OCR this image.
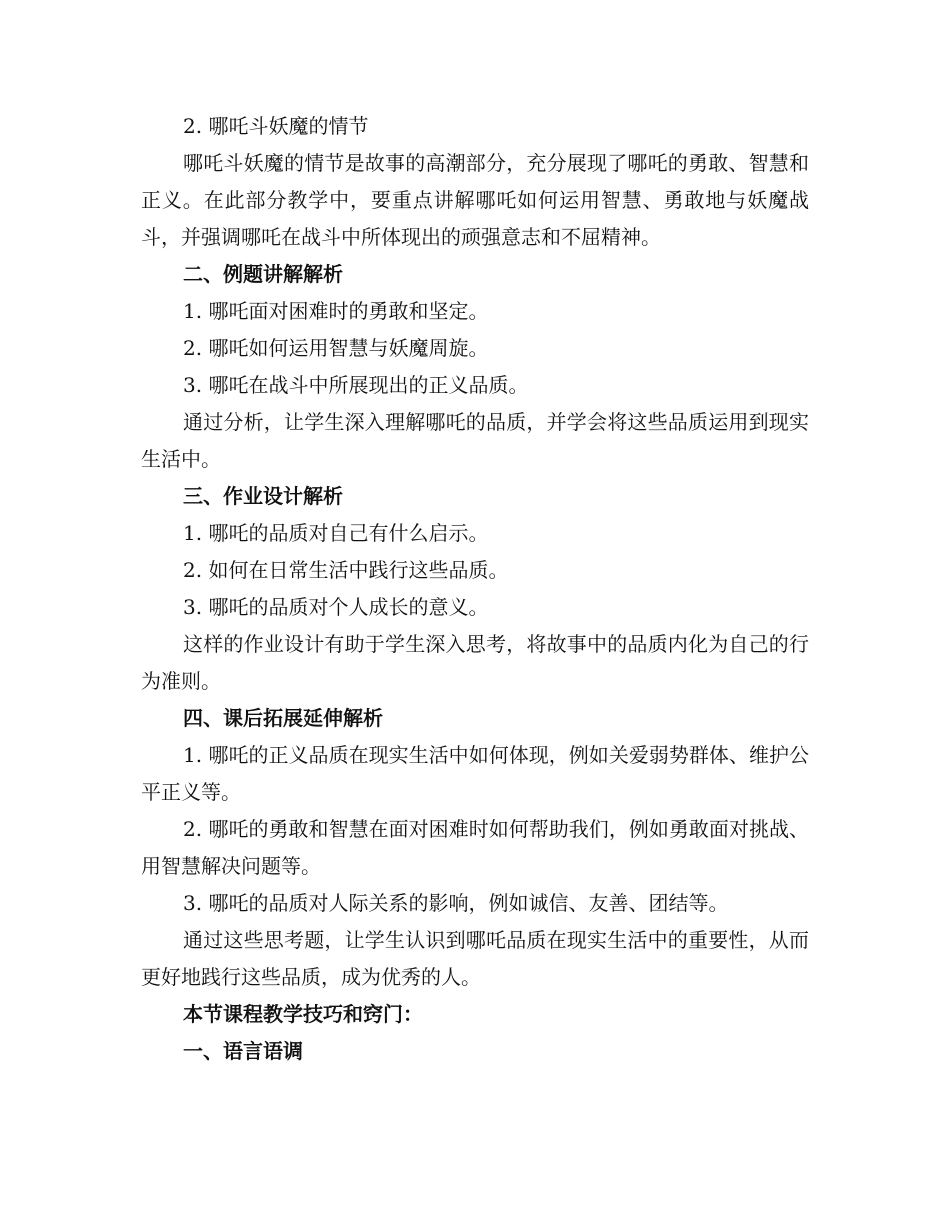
2. 哪吒斗妖魔的情节

哪吒斗妖魔的情节是故事的高潮部分，充分展现了哪吒的勇敢、智慧和正义。在此部分教学中，要重点讲解哪吒如何运用智慧、勇敢地与妖魔战斗，并强调哪吒在战斗中所体现出的顽强意志和不屈精神。

二、例题讲解解析

1. 哪吒面对困难时的勇敢和坚定。

2. 哪吒如何运用智慧与妖魔周旋。

3. 哪吒在战斗中所展现出的正义品质。

通过分析，让学生深入理解哪吒的品质，并学会将这些品质运用到现实生活中。

三、作业设计解析

1. 哪吒的品质对自己有什么启示。

2. 如何在日常生活中践行这些品质。

3. 哪吒的品质对个人成长的意义。

这样的作业设计有助于学生深入思考，将故事中的品质内化为自己的行为准则。

四、课后拓展延伸解析

1. 哪吒的正义品质在现实生活中如何体现，例如关爱弱势群体、维护公平正义等。

2. 哪吒的勇敢和智慧在面对困难时如何帮助我们，例如勇敢面对挑战、用智慧解决问题等。

3. 哪吒的品质对人际关系的影响，例如诚信、友善、团结等。

通过这些思考题，让学生认识到哪吒品质在现实生活中的重要性，从而更好地践行这些品质，成为优秀的人。

本节课程教学技巧和窍门：

一、语言语调
